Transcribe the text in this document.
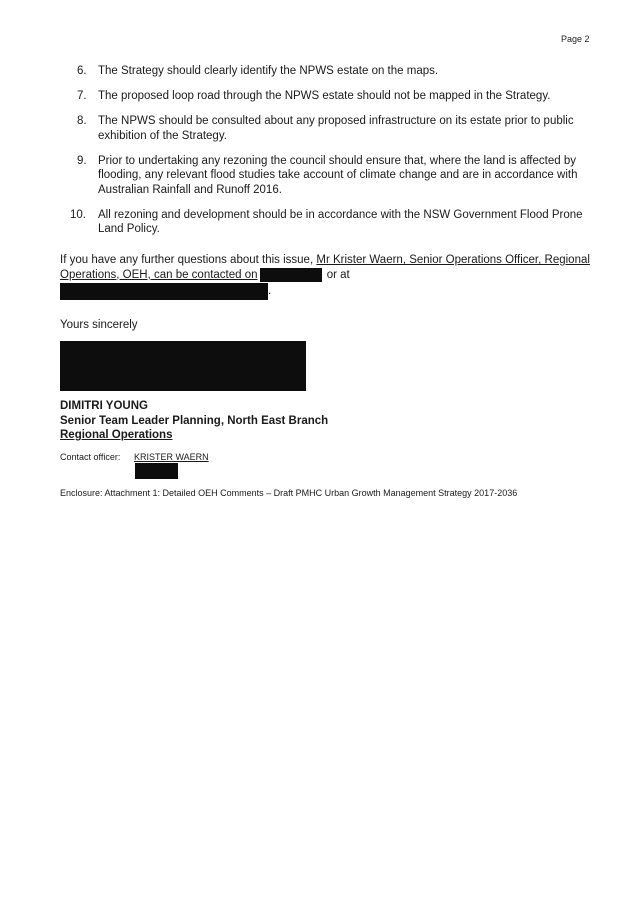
Page 2
6. The Strategy should clearly identify the NPWS estate on the maps.
7. The proposed loop road through the NPWS estate should not be mapped in the Strategy.
8. The NPWS should be consulted about any proposed infrastructure on its estate prior to public exhibition of the Strategy.
9. Prior to undertaking any rezoning the council should ensure that, where the land is affected by flooding, any relevant flood studies take account of climate change and are in accordance with Australian Rainfall and Runoff 2016.
10. All rezoning and development should be in accordance with the NSW Government Flood Prone Land Policy.
If you have any further questions about this issue, Mr Krister Waern, Senior Operations Officer, Regional Operations, OEH, can be contacted on	or at
.
Yours sincerely
DIMITRI YOUNG
Senior Team Leader Planning, North East Branch
Regional Operations
Contact officer: KRISTER WAERN
Enclosure: Attachment 1: Detailed OEH Comments – Draft PMHC Urban Growth Management Strategy 2017-2036
